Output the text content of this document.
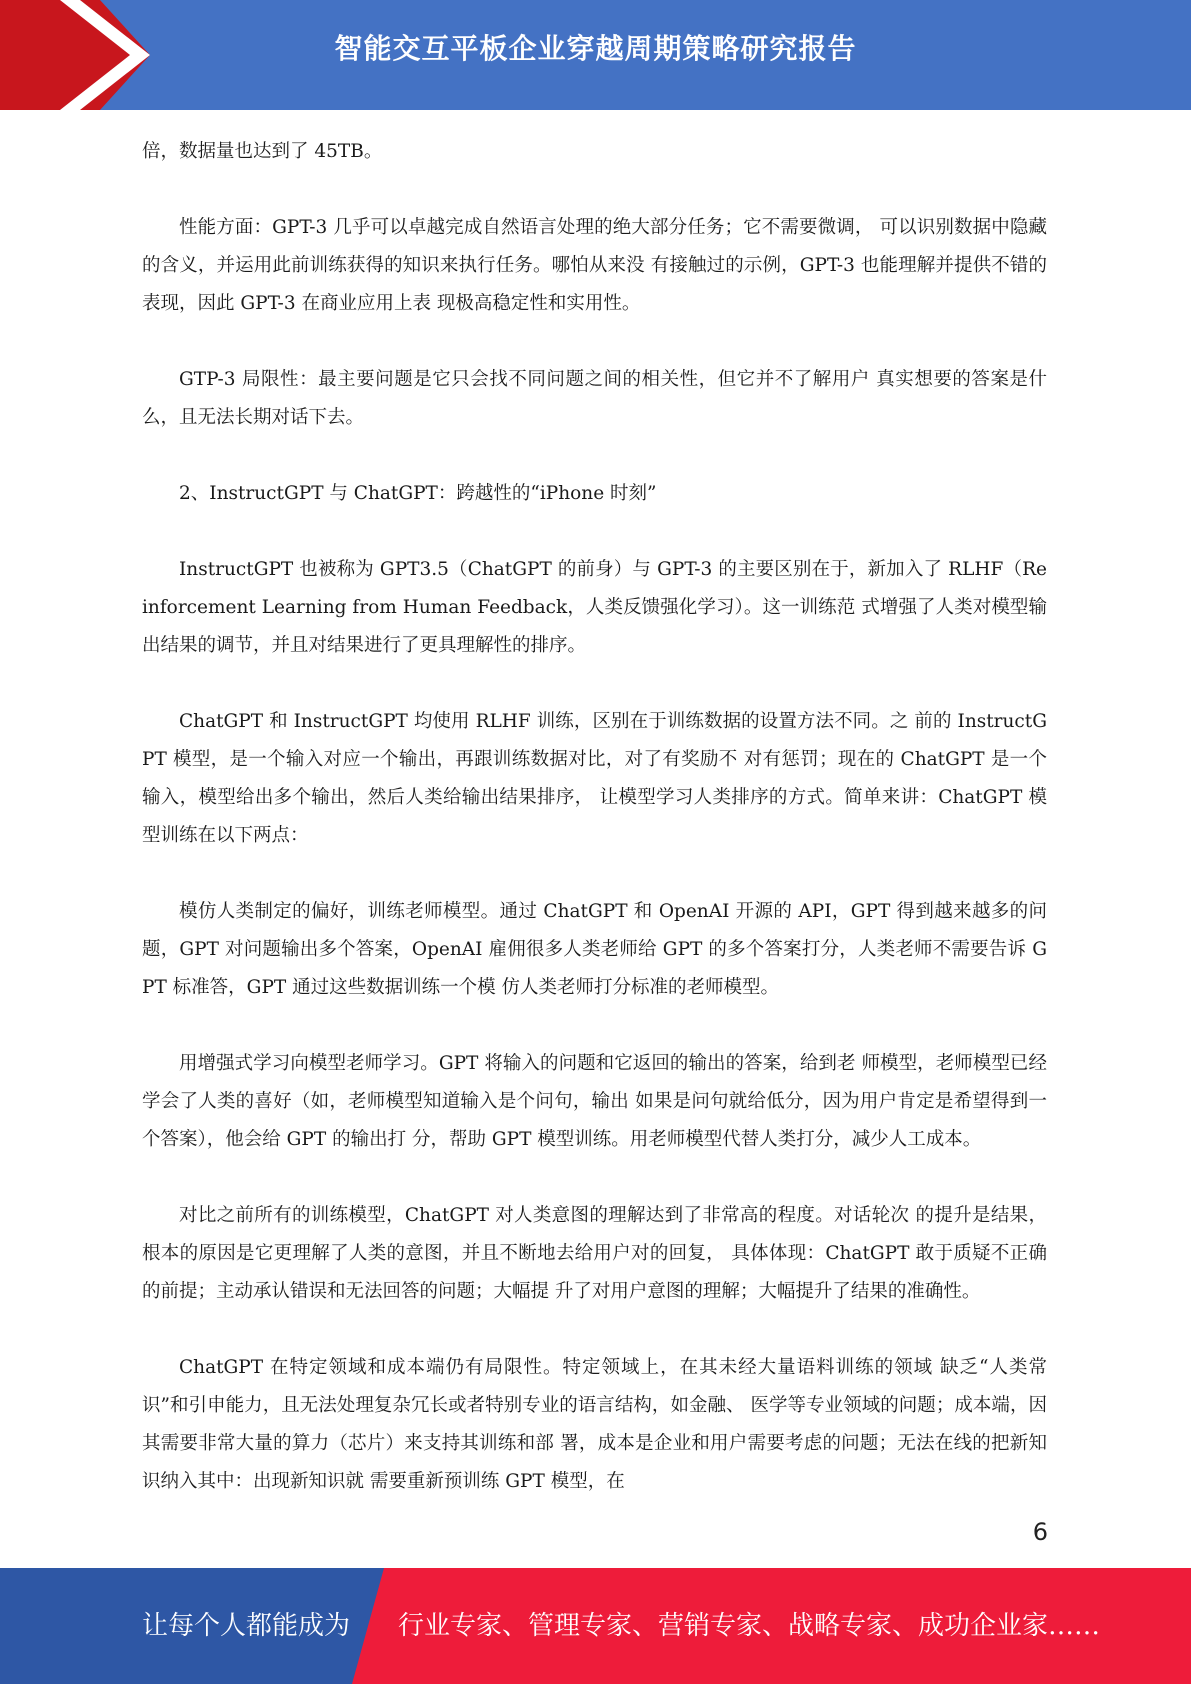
智能交互平板企业穿越周期策略研究报告

倍，数据量也达到了 45TB。

性能方面：GPT-3 几乎可以卓越完成自然语言处理的绝大部分任务；它不需要微调， 可以识别数据中隐藏的含义，并运用此前训练获得的知识来执行任务。哪怕从来没 有接触过的示例，GPT-3 也能理解并提供不错的表现，因此 GPT-3 在商业应用上表 现极高稳定性和实用性。

GTP-3 局限性：最主要问题是它只会找不同问题之间的相关性，但它并不了解用户 真实想要的答案是什么，且无法长期对话下去。

2、InstructGPT 与 ChatGPT：跨越性的“iPhone 时刻”

InstructGPT 也被称为 GPT3.5（ChatGPT 的前身）与 GPT-3 的主要区别在于，新加入了 RLHF（Reinforcement Learning from Human Feedback，人类反馈强化学习）。这一训练范 式增强了人类对模型输出结果的调节，并且对结果进行了更具理解性的排序。

ChatGPT 和 InstructGPT 均使用 RLHF 训练，区别在于训练数据的设置方法不同。之 前的 InstructGPT 模型，是一个输入对应一个输出，再跟训练数据对比，对了有奖励不 对有惩罚；现在的 ChatGPT 是一个输入，模型给出多个输出，然后人类给输出结果排序， 让模型学习人类排序的方式。简单来讲：ChatGPT 模型训练在以下两点：

模仿人类制定的偏好，训练老师模型。通过 ChatGPT 和 OpenAI 开源的 API，GPT 得到越来越多的问题，GPT 对问题输出多个答案，OpenAI 雇佣很多人类老师给 GPT 的多个答案打分，人类老师不需要告诉 GPT 标准答，GPT 通过这些数据训练一个模 仿人类老师打分标准的老师模型。

用增强式学习向模型老师学习。GPT 将输入的问题和它返回的输出的答案，给到老 师模型，老师模型已经学会了人类的喜好（如，老师模型知道输入是个问句，输出 如果是问句就给低分，因为用户肯定是希望得到一个答案），他会给 GPT 的输出打 分，帮助 GPT 模型训练。用老师模型代替人类打分，减少人工成本。

对比之前所有的训练模型，ChatGPT 对人类意图的理解达到了非常高的程度。对话轮次 的提升是结果，根本的原因是它更理解了人类的意图，并且不断地去给用户对的回复， 具体体现：ChatGPT 敢于质疑不正确的前提；主动承认错误和无法回答的问题；大幅提 升了对用户意图的理解；大幅提升了结果的准确性。

ChatGPT 在特定领域和成本端仍有局限性。特定领域上，在其未经大量语料训练的领域 缺乏“人类常识”和引申能力，且无法处理复杂冗长或者特别专业的语言结构，如金融、 医学等专业领域的问题；成本端，因其需要非常大量的算力（芯片）来支持其训练和部 署，成本是企业和用户需要考虑的问题；无法在线的把新知识纳入其中：出现新知识就 需要重新预训练 GPT 模型，在

6
让每个人都能成为 行业专家、管理专家、营销专家、战略专家、成功企业家……
